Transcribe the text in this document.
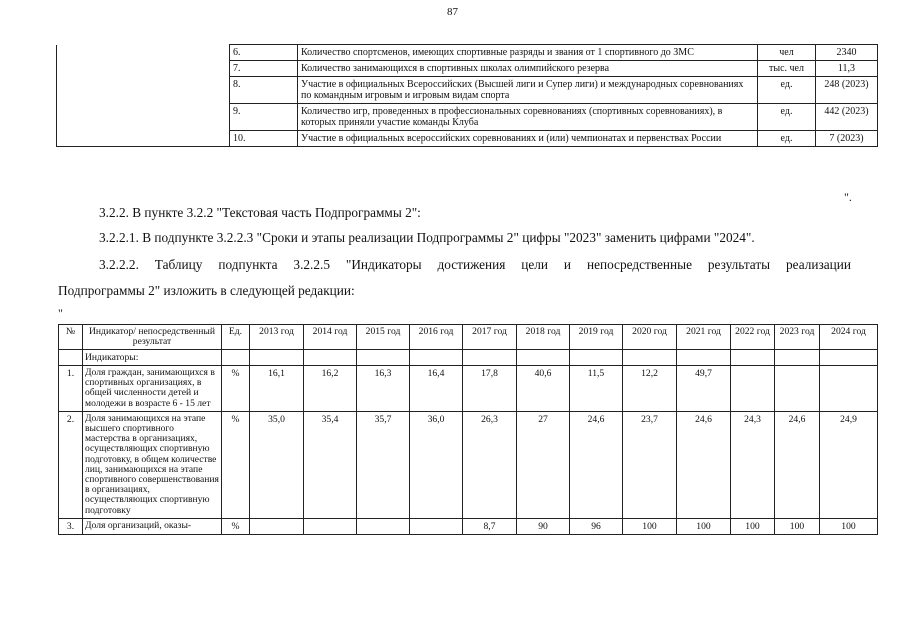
87
	6.	Количество спортсменов, имеющих спортивные разряды и звания от 1 спортивного до ЗМС	чел	2340
	7.	Количество занимающихся в спортивных школах олимпийского резерва	тыс. чел	11,3
	8.	Участие в официальных Всероссийских (Высшей лиги и Супер лиги) и международных соревнованиях по командным игровым и игровым видам спорта	ед.	248 (2023)
	9.	Количество игр, проведенных в профессиональных соревнованиях (спортивных соревнованиях), в которых приняли участие команды Клуба	ед.	442 (2023)
	10.	Участие в официальных всероссийских соревнованиях и (или) чемпионатах и первенствах России	ед.	7 (2023)
".

3.2.2. В пункте 3.2.2 "Текстовая часть Подпрограммы 2":

3.2.2.1. В подпункте 3.2.2.3 "Сроки и этапы реализации Подпрограммы 2" цифры "2023" заменить цифрами "2024".

3.2.2.2. Таблицу подпункта 3.2.2.5 "Индикаторы достижения цели и непосредственные результаты реализации

Подпрограммы 2" изложить в следующей редакции:

"
№	Индикатор/ непосредственный результат	Ед.	2013 год	2014 год	2015 год	2016 год	2017 год	2018 год	2019 год	2020 год	2021 год	2022 год	2023 год	2024 год
	Индикаторы:													
1.	Доля граждан, занимающихся в спортивных организациях, в общей численности детей и молодежи в возрасте 6 - 15 лет	%	16,1	16,2	16,3	16,4	17,8	40,6	11,5	12,2	49,7			
2.	Доля занимающихся на этапе высшего спортивного мастерства в организациях, осуществляющих спортивную подготовку, в общем количестве лиц, занимающихся на этапе спортивного совершенствования в организациях, осуществляющих спортивную подготовку	%	35,0	35,4	35,7	36,0	26,3	27	24,6	23,7	24,6	24,3	24,6	24,9
3.	Доля организаций, оказы-	%					8,7	90	96	100	100	100	100	100
